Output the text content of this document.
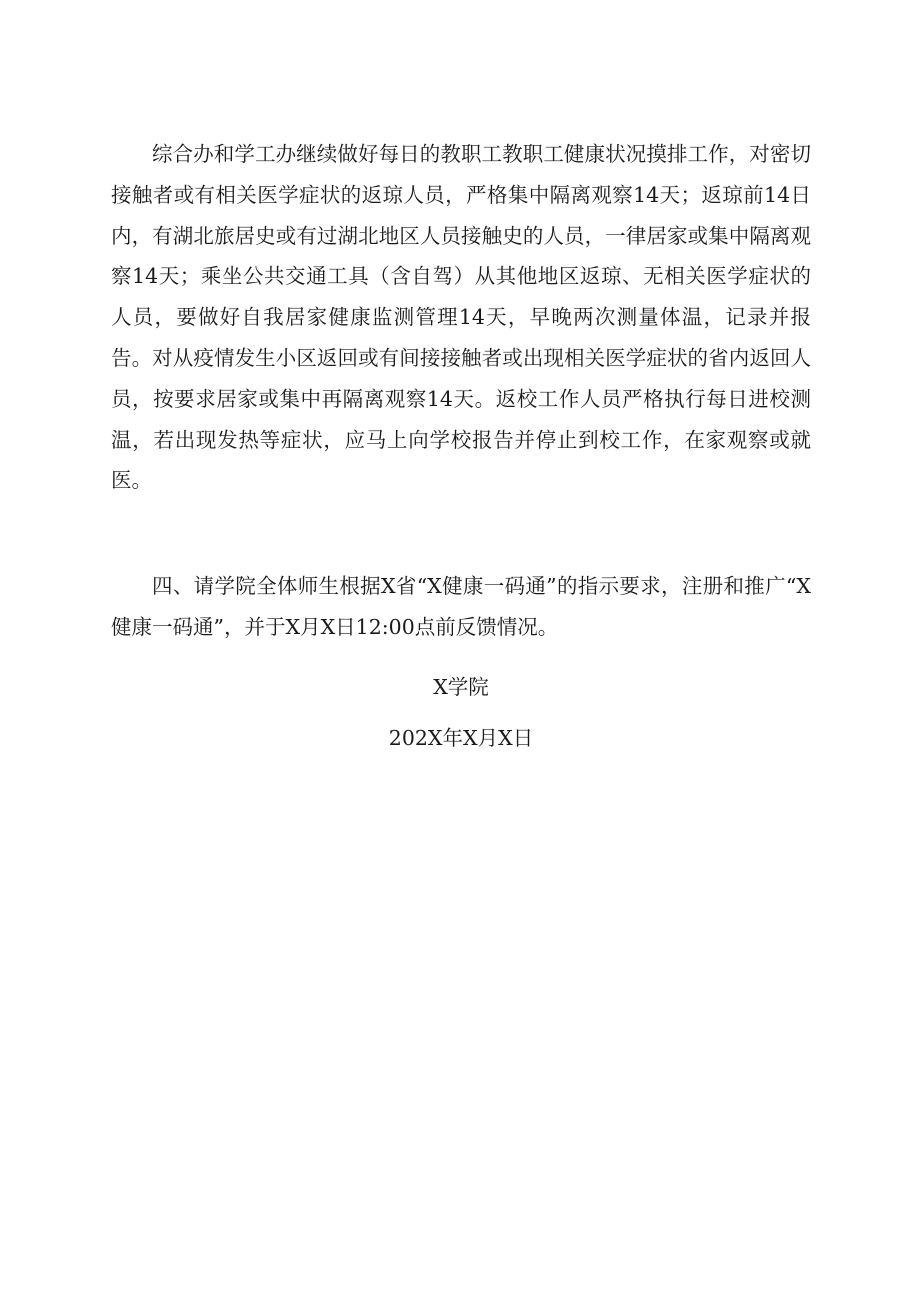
综合办和学工办继续做好每日的教职工教职工健康状况摸排工作，对密切接触者或有相关医学症状的返琼人员，严格集中隔离观察14天；返琼前14日内，有湖北旅居史或有过湖北地区人员接触史的人员，一律居家或集中隔离观察14天；乘坐公共交通工具（含自驾）从其他地区返琼、无相关医学症状的人员，要做好自我居家健康监测管理14天，早晚两次测量体温，记录并报告。对从疫情发生小区返回或有间接接触者或出现相关医学症状的省内返回人员，按要求居家或集中再隔离观察14天。返校工作人员严格执行每日进校测温，若出现发热等症状，应马上向学校报告并停止到校工作，在家观察或就医。

四、请学院全体师生根据X省“X健康一码通”的指示要求，注册和推广“X健康一码通”，并于X月X日12:00点前反馈情况。

X学院
202X年X月X日
